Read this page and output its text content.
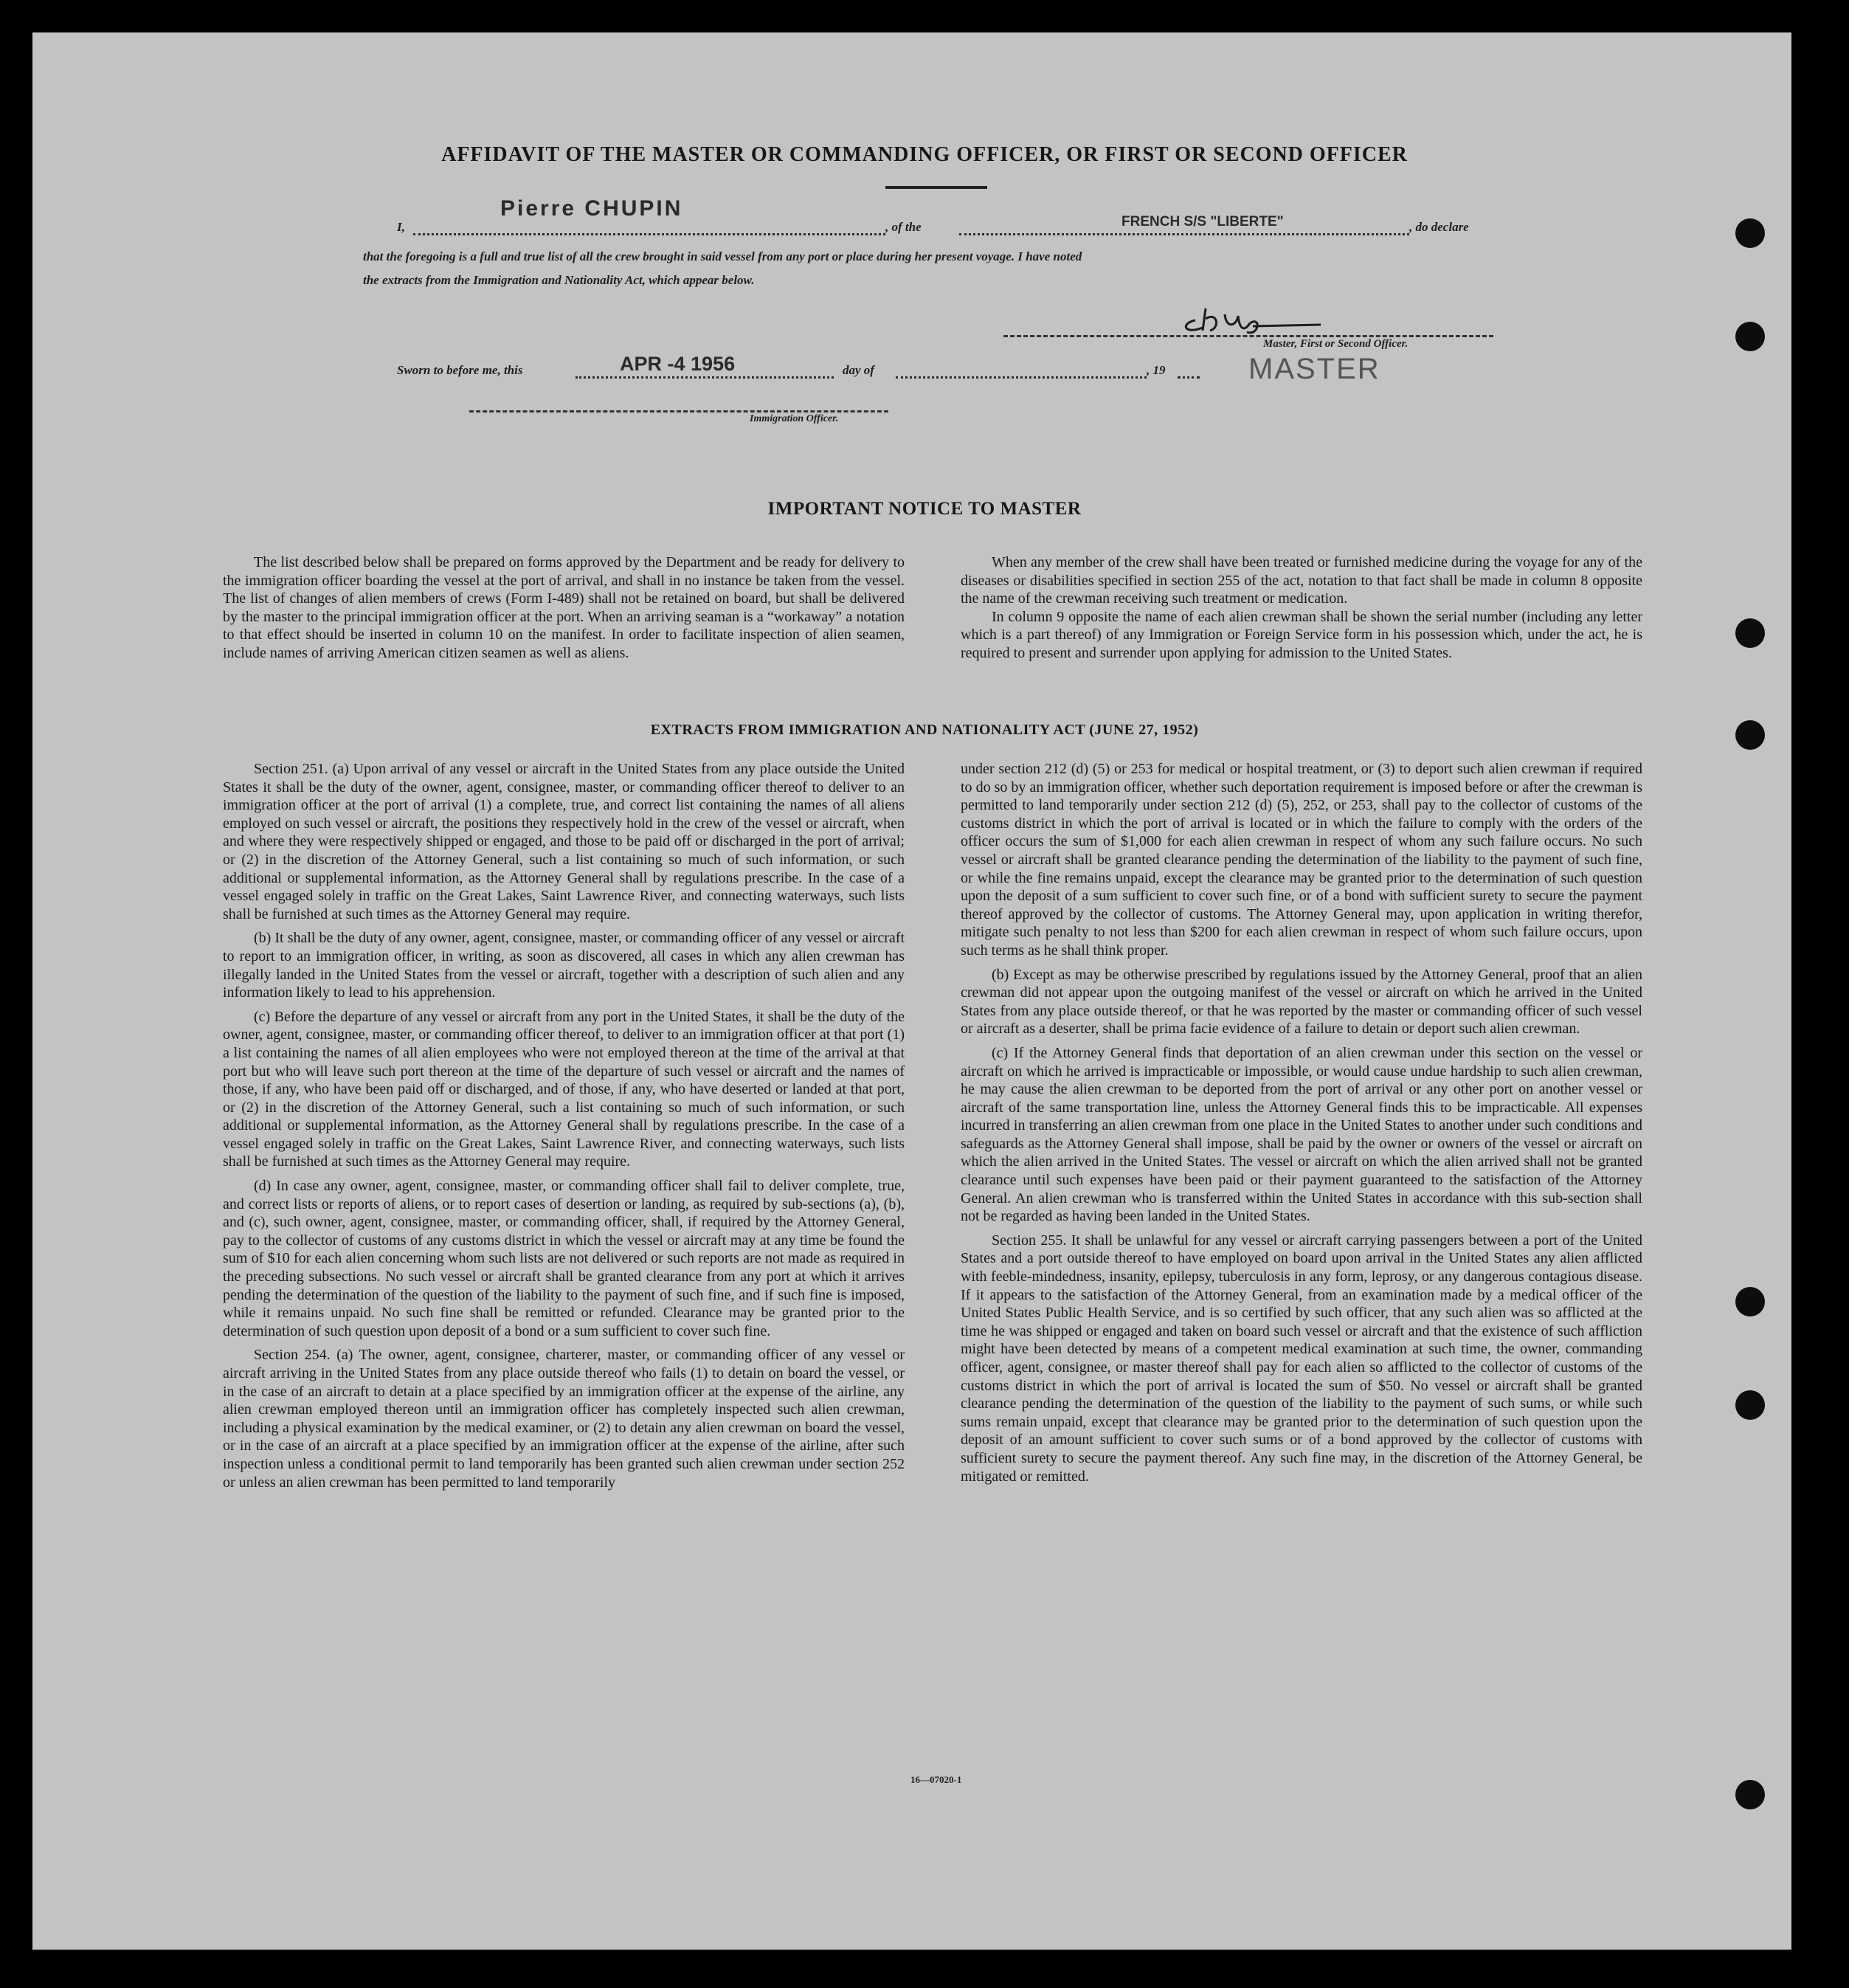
AFFIDAVIT OF THE MASTER OR COMMANDING OFFICER, OR FIRST OR SECOND OFFICER
Pierre CHUPIN
I,	, of the	FRENCH S/S "LIBERTE"	, do declare
that the foregoing is a full and true list of all the crew brought in said vessel from any port or place during her present voyage. I have noted
the extracts from the Immigration and Nationality Act, which appear below.
Master, First or Second Officer.
Sworn to before me, this	APR -4 1956	day of	, 19	MASTER
Immigration Officer.
IMPORTANT NOTICE TO MASTER

The list described below shall be prepared on forms approved by the Department and be ready for delivery to the immigration officer boarding the vessel at the port of arrival, and shall in no instance be taken from the vessel. The list of changes of alien members of crews (Form I-489) shall not be retained on board, but shall be delivered by the master to the principal immigration officer at the port. When an arriving seaman is a “workaway” a notation to that effect should be inserted in column 10 on the manifest. In order to facilitate inspection of alien seamen, include names of arriving American citizen seamen as well as aliens.

When any member of the crew shall have been treated or furnished medicine during the voyage for any of the diseases or disabilities specified in section 255 of the act, notation to that fact shall be made in column 8 opposite the name of the crewman receiving such treatment or medication.

In column 9 opposite the name of each alien crewman shall be shown the serial number (including any letter which is a part thereof) of any Immigration or Foreign Service form in his possession which, under the act, he is required to present and surrender upon applying for admission to the United States.

EXTRACTS FROM IMMIGRATION AND NATIONALITY ACT (JUNE 27, 1952)

Section 251. (a) Upon arrival of any vessel or aircraft in the United States from any place outside the United States it shall be the duty of the owner, agent, consignee, master, or commanding officer thereof to deliver to an immigration officer at the port of arrival (1) a complete, true, and correct list containing the names of all aliens employed on such vessel or aircraft, the positions they respectively hold in the crew of the vessel or aircraft, when and where they were respectively shipped or engaged, and those to be paid off or discharged in the port of arrival; or (2) in the discretion of the Attorney General, such a list containing so much of such information, or such additional or supplemental information, as the Attorney General shall by regulations prescribe. In the case of a vessel engaged solely in traffic on the Great Lakes, Saint Lawrence River, and connecting waterways, such lists shall be furnished at such times as the Attorney General may require.

(b) It shall be the duty of any owner, agent, consignee, master, or commanding officer of any vessel or aircraft to report to an immigration officer, in writing, as soon as discovered, all cases in which any alien crewman has illegally landed in the United States from the vessel or aircraft, together with a description of such alien and any information likely to lead to his apprehension.

(c) Before the departure of any vessel or aircraft from any port in the United States, it shall be the duty of the owner, agent, consignee, master, or commanding officer thereof, to deliver to an immigration officer at that port (1) a list containing the names of all alien employees who were not employed thereon at the time of the arrival at that port but who will leave such port thereon at the time of the departure of such vessel or aircraft and the names of those, if any, who have been paid off or discharged, and of those, if any, who have deserted or landed at that port, or (2) in the discretion of the Attorney General, such a list containing so much of such information, or such additional or supplemental information, as the Attorney General shall by regulations prescribe. In the case of a vessel engaged solely in traffic on the Great Lakes, Saint Lawrence River, and connecting waterways, such lists shall be furnished at such times as the Attorney General may require.

(d) In case any owner, agent, consignee, master, or commanding officer shall fail to deliver complete, true, and correct lists or reports of aliens, or to report cases of desertion or landing, as required by sub-sections (a), (b), and (c), such owner, agent, consignee, master, or commanding officer, shall, if required by the Attorney General, pay to the collector of customs of any customs district in which the vessel or aircraft may at any time be found the sum of $10 for each alien concerning whom such lists are not delivered or such reports are not made as required in the preceding subsections. No such vessel or aircraft shall be granted clearance from any port at which it arrives pending the determination of the question of the liability to the payment of such fine, and if such fine is imposed, while it remains unpaid. No such fine shall be remitted or refunded. Clearance may be granted prior to the determination of such question upon deposit of a bond or a sum sufficient to cover such fine.

Section 254. (a) The owner, agent, consignee, charterer, master, or commanding officer of any vessel or aircraft arriving in the United States from any place outside thereof who fails (1) to detain on board the vessel, or in the case of an aircraft to detain at a place specified by an immigration officer at the expense of the airline, any alien crewman employed thereon until an immigration officer has completely inspected such alien crewman, including a physical examination by the medical examiner, or (2) to detain any alien crewman on board the vessel, or in the case of an aircraft at a place specified by an immigration officer at the expense of the airline, after such inspection unless a conditional permit to land temporarily has been granted such alien crewman under section 252 or unless an alien crewman has been permitted to land temporarily

under section 212 (d) (5) or 253 for medical or hospital treatment, or (3) to deport such alien crewman if required to do so by an immigration officer, whether such deportation requirement is imposed before or after the crewman is permitted to land temporarily under section 212 (d) (5), 252, or 253, shall pay to the collector of customs of the customs district in which the port of arrival is located or in which the failure to comply with the orders of the officer occurs the sum of $1,000 for each alien crewman in respect of whom any such failure occurs. No such vessel or aircraft shall be granted clearance pending the determination of the liability to the payment of such fine, or while the fine remains unpaid, except the clearance may be granted prior to the determination of such question upon the deposit of a sum sufficient to cover such fine, or of a bond with sufficient surety to secure the payment thereof approved by the collector of customs. The Attorney General may, upon application in writing therefor, mitigate such penalty to not less than $200 for each alien crewman in respect of whom such failure occurs, upon such terms as he shall think proper.

(b) Except as may be otherwise prescribed by regulations issued by the Attorney General, proof that an alien crewman did not appear upon the outgoing manifest of the vessel or aircraft on which he arrived in the United States from any place outside thereof, or that he was reported by the master or commanding officer of such vessel or aircraft as a deserter, shall be prima facie evidence of a failure to detain or deport such alien crewman.

(c) If the Attorney General finds that deportation of an alien crewman under this section on the vessel or aircraft on which he arrived is impracticable or impossible, or would cause undue hardship to such alien crewman, he may cause the alien crewman to be deported from the port of arrival or any other port on another vessel or aircraft of the same transportation line, unless the Attorney General finds this to be impracticable. All expenses incurred in transferring an alien crewman from one place in the United States to another under such conditions and safeguards as the Attorney General shall impose, shall be paid by the owner or owners of the vessel or aircraft on which the alien arrived in the United States. The vessel or aircraft on which the alien arrived shall not be granted clearance until such expenses have been paid or their payment guaranteed to the satisfaction of the Attorney General. An alien crewman who is transferred within the United States in accordance with this sub-section shall not be regarded as having been landed in the United States.

Section 255. It shall be unlawful for any vessel or aircraft carrying passengers between a port of the United States and a port outside thereof to have employed on board upon arrival in the United States any alien afflicted with feeble-mindedness, insanity, epilepsy, tuberculosis in any form, leprosy, or any dangerous contagious disease. If it appears to the satisfaction of the Attorney General, from an examination made by a medical officer of the United States Public Health Service, and is so certified by such officer, that any such alien was so afflicted at the time he was shipped or engaged and taken on board such vessel or aircraft and that the existence of such affliction might have been detected by means of a competent medical examination at such time, the owner, commanding officer, agent, consignee, or master thereof shall pay for each alien so afflicted to the collector of customs of the customs district in which the port of arrival is located the sum of $50. No vessel or aircraft shall be granted clearance pending the determination of the question of the liability to the payment of such sums, or while such sums remain unpaid, except that clearance may be granted prior to the determination of such question upon the deposit of an amount sufficient to cover such sums or of a bond approved by the collector of customs with sufficient surety to secure the payment thereof. Any such fine may, in the discretion of the Attorney General, be mitigated or remitted.

16—07020-1
